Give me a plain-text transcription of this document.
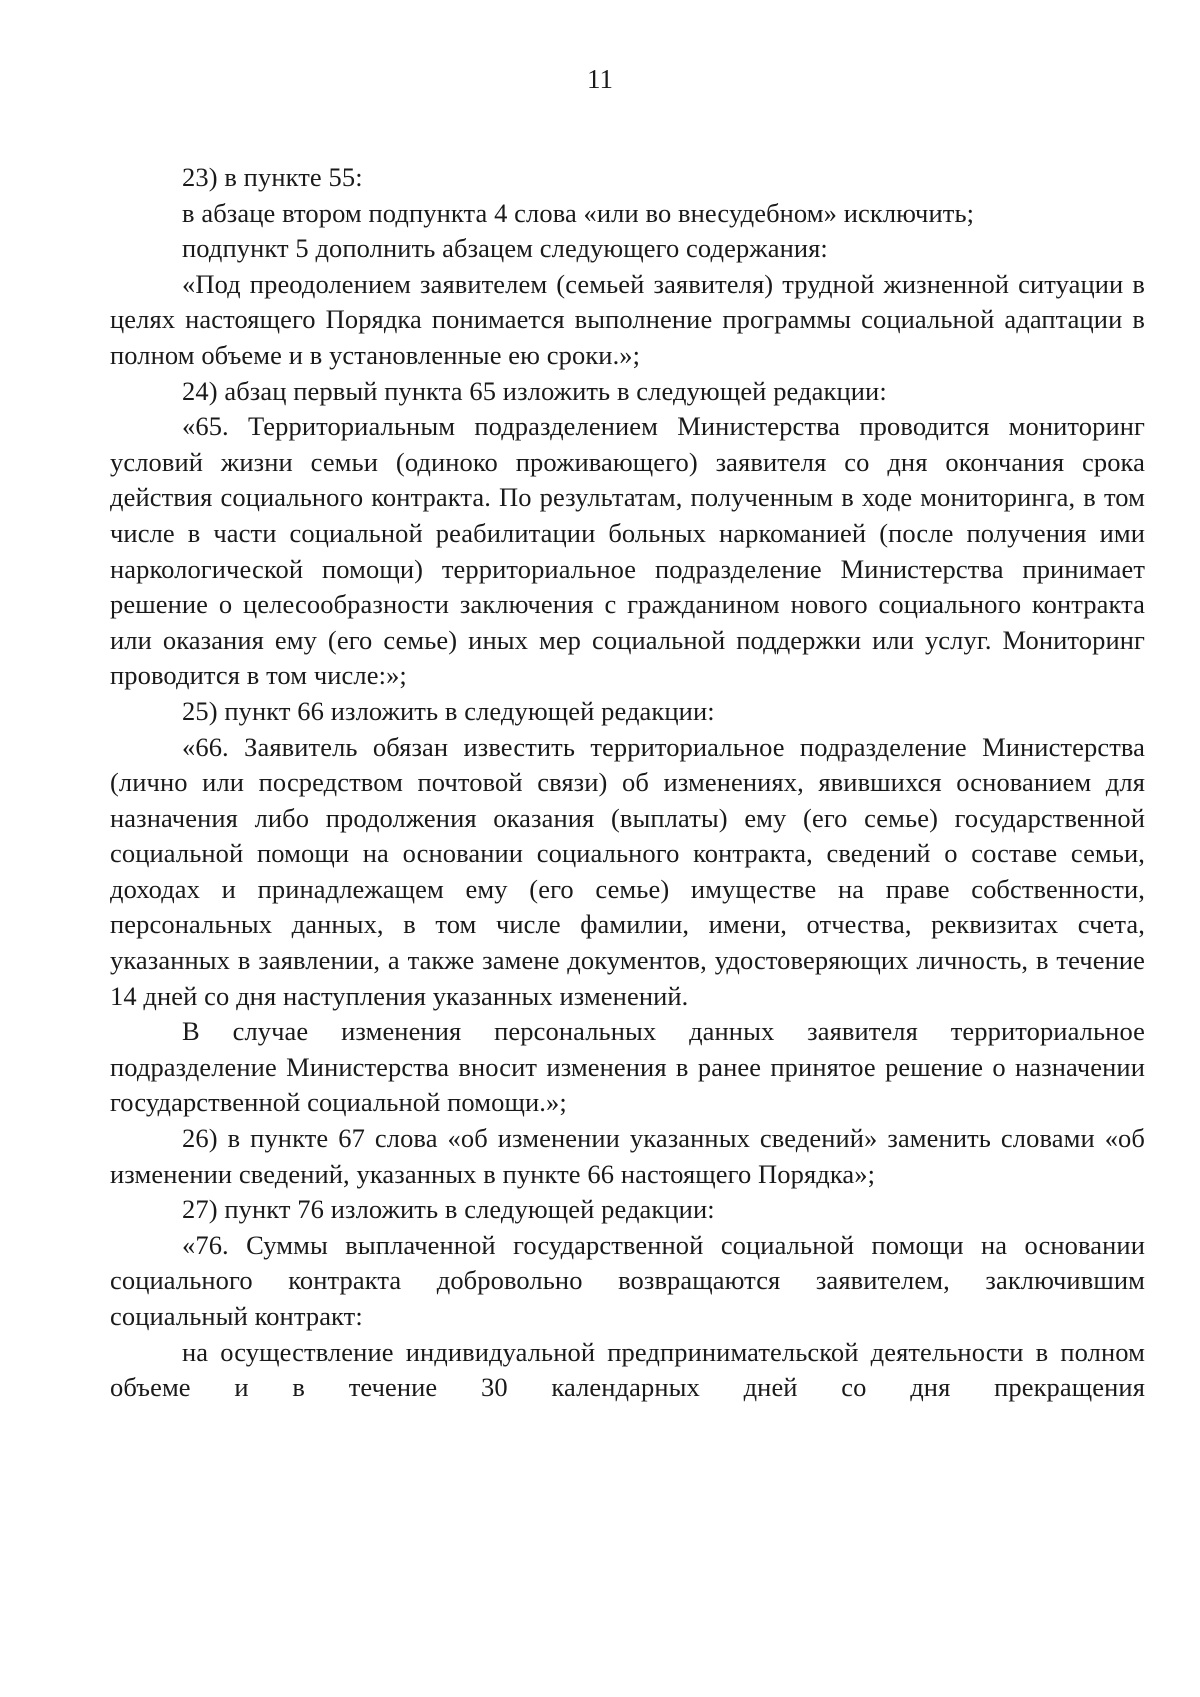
11

23) в пункте 55:

в абзаце втором подпункта 4 слова «или во внесудебном» исключить;

подпункт 5 дополнить абзацем следующего содержания:

«Под преодолением заявителем (семьей заявителя) трудной жизненной ситуации в целях настоящего Порядка понимается выполнение программы социальной адаптации в полном объеме и в установленные ею сроки.»;

24) абзац первый пункта 65 изложить в следующей редакции:

«65. Территориальным подразделением Министерства проводится мониторинг условий жизни семьи (одиноко проживающего) заявителя со дня окончания срока действия социального контракта. По результатам, полученным в ходе мониторинга, в том числе в части социальной реабилитации больных наркоманией (после получения ими наркологической помощи) территориальное подразделение Министерства принимает решение о целесообразности заключения с гражданином нового социального контракта или оказания ему (его семье) иных мер социальной поддержки или услуг. Мониторинг проводится в том числе:»;

25) пункт 66 изложить в следующей редакции:

«66. Заявитель обязан известить территориальное подразделение Министерства (лично или посредством почтовой связи) об изменениях, явившихся основанием для назначения либо продолжения оказания (выплаты) ему (его семье) государственной социальной помощи на основании социального контракта, сведений о составе семьи, доходах и принадлежащем ему (его семье) имуществе на праве собственности, персональных данных, в том числе фамилии, имени, отчества, реквизитах счета, указанных в заявлении, а также замене документов, удостоверяющих личность, в течение 14 дней со дня наступления указанных изменений.

В случае изменения персональных данных заявителя территориальное подразделение Министерства вносит изменения в ранее принятое решение о назначении государственной социальной помощи.»;

26) в пункте 67 слова «об изменении указанных сведений» заменить словами «об изменении сведений, указанных в пункте 66 настоящего Порядка»;

27) пункт 76 изложить в следующей редакции:

«76. Суммы выплаченной государственной социальной помощи на основании социального контракта добровольно возвращаются заявителем, заключившим социальный контракт:

на осуществление индивидуальной предпринимательской деятельности в полном объеме и в течение 30 календарных дней со дня прекращения
